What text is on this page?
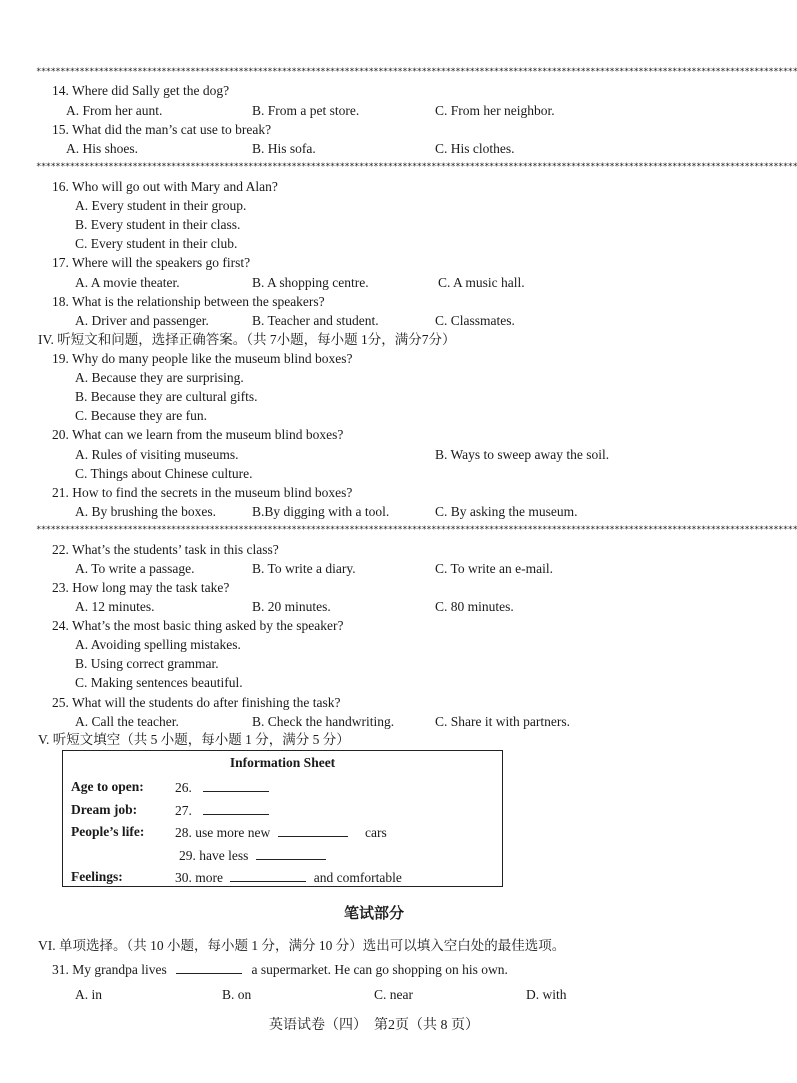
**************************************************************************************************************************************************************
14. Where did Sally get the dog?
A. From her aunt.	B. From a pet store.	C. From her neighbor.
15. What did the man’s cat use to break?
A. His shoes.	B. His sofa.	C. His clothes.
**************************************************************************************************************************************************************
16. Who will go out with Mary and Alan?
A. Every student in their group.
B. Every student in their class.
C. Every student in their club.
17. Where will the speakers go first?
A. A movie theater.	B. A shopping centre.	C. A music hall.
18. What is the relationship between the speakers?
A. Driver and passenger.	B. Teacher and student.	C. Classmates.
IV. 听短文和问题，选择正确答案。（共 7小题，每小题 1分，满分7分）
19. Why do many people like the museum blind boxes?
A. Because they are surprising.
B. Because they are cultural gifts.
C. Because they are fun.
20. What can we learn from the museum blind boxes?
A. Rules of visiting museums.	B. Ways to sweep away the soil.
C. Things about Chinese culture.
21. How to find the secrets in the museum blind boxes?
A. By brushing the boxes.	B.By digging with a tool.	C. By asking the museum.
**************************************************************************************************************************************************************
22. What’s the students’ task in this class?
A. To write a passage.	B. To write a diary.	C. To write an e-mail.
23. How long may the task take?
A. 12 minutes.	B. 20 minutes.	C. 80 minutes.
24. What’s the most basic thing asked by the speaker?
A. Avoiding spelling mistakes.
B. Using correct grammar.
C. Making sentences beautiful.
25. What will the students do after finishing the task?
A. Call the teacher.	B. Check the handwriting.	C. Share it with partners.
V. 听短文填空（共 5 小题，每小题 1 分，满分 5 分）
Information Sheet
Age to open: 26.
Dream job:	27.
People’s life: 28. use more new	cars
29. have less
Feelings:	30. more	and comfortable
笔试部分
VI. 单项选择。（共 10 小题，每小题 1 分，满分 10 分）选出可以填入空白处的最佳选项。
31. My grandpa lives	a supermarket. He can go shopping on his own.
A. in	B. on	C. near	D. with
英语试卷（四）　第2页（共 8 页）
